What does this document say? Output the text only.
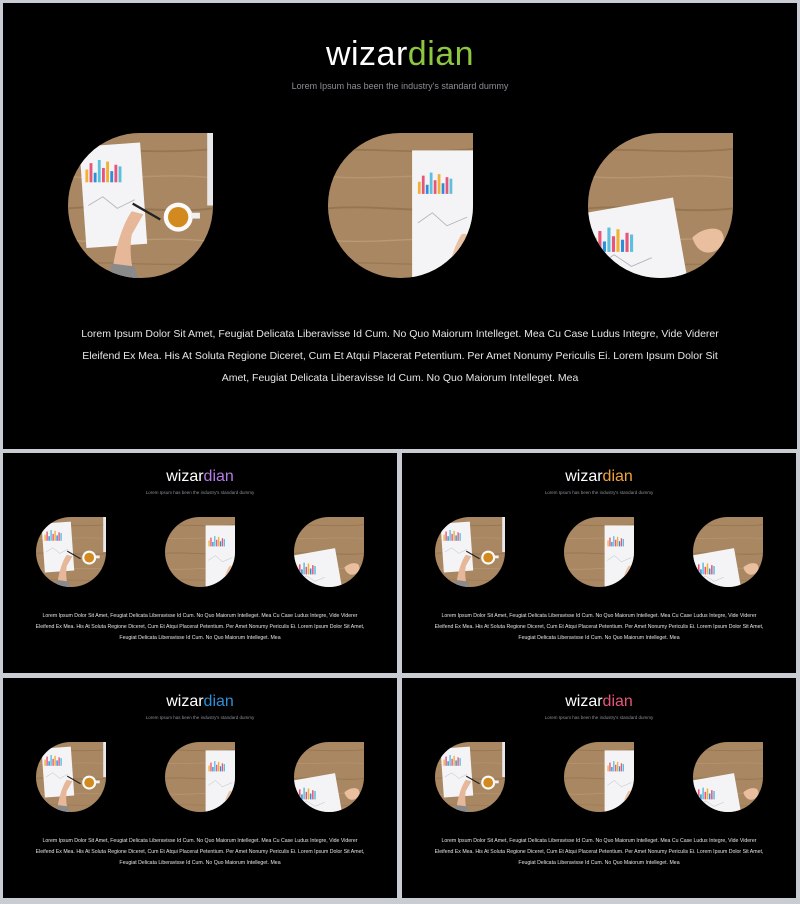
wizardian
Lorem Ipsum has been the industry's standard dummy
Lorem Ipsum Dolor Sit Amet, Feugiat Delicata Liberavisse Id Cum. No Quo Maiorum Intelleget. Mea Cu Case Ludus Integre, Vide Viderer Eleifend Ex Mea. His At Soluta Regione Diceret, Cum Et Atqui Placerat Petentium. Per Amet Nonumy Periculis Ei. Lorem Ipsum Dolor Sit Amet, Feugiat Delicata Liberavisse Id Cum. No Quo Maiorum Intelleget. Mea
wizardian
Lorem Ipsum has been the industry's standard dummy
Lorem Ipsum Dolor Sit Amet, Feugiat Delicata Liberavisse Id Cum. No Quo Maiorum Intelleget. Mea Cu Case Ludus Integre, Vide Viderer Eleifend Ex Mea. His At Soluta Regione Diceret, Cum Et Atqui Placerat Petentium. Per Amet Nonumy Periculis Ei. Lorem Ipsum Dolor Sit Amet, Feugiat Delicata Liberavisse Id Cum. No Quo Maiorum Intelleget. Mea
wizardian
Lorem Ipsum has been the industry's standard dummy
Lorem Ipsum Dolor Sit Amet, Feugiat Delicata Liberavisse Id Cum. No Quo Maiorum Intelleget. Mea Cu Case Ludus Integre, Vide Viderer Eleifend Ex Mea. His At Soluta Regione Diceret, Cum Et Atqui Placerat Petentium. Per Amet Nonumy Periculis Ei. Lorem Ipsum Dolor Sit Amet, Feugiat Delicata Liberavisse Id Cum. No Quo Maiorum Intelleget. Mea
wizardian
Lorem Ipsum has been the industry's standard dummy
Lorem Ipsum Dolor Sit Amet, Feugiat Delicata Liberavisse Id Cum. No Quo Maiorum Intelleget. Mea Cu Case Ludus Integre, Vide Viderer Eleifend Ex Mea. His At Soluta Regione Diceret, Cum Et Atqui Placerat Petentium. Per Amet Nonumy Periculis Ei. Lorem Ipsum Dolor Sit Amet, Feugiat Delicata Liberavisse Id Cum. No Quo Maiorum Intelleget. Mea
wizardian
Lorem Ipsum has been the industry's standard dummy
Lorem Ipsum Dolor Sit Amet, Feugiat Delicata Liberavisse Id Cum. No Quo Maiorum Intelleget. Mea Cu Case Ludus Integre, Vide Viderer Eleifend Ex Mea. His At Soluta Regione Diceret, Cum Et Atqui Placerat Petentium. Per Amet Nonumy Periculis Ei. Lorem Ipsum Dolor Sit Amet, Feugiat Delicata Liberavisse Id Cum. No Quo Maiorum Intelleget. Mea
